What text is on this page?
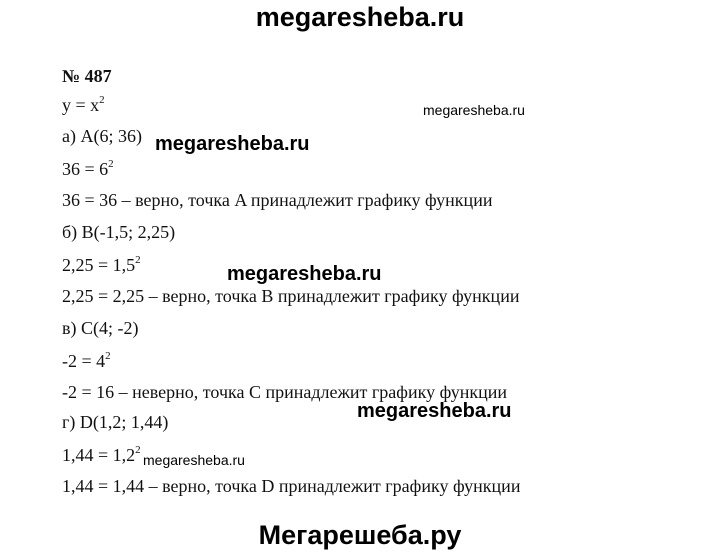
megaresheba.ru
№ 487
$y = x^2$
а) A(6; 36)
$36 = 6^2$
36 = 36 – верно, точка A принадлежит графику функции
б) B(-1,5; 2,25)
$2,25 = 1,5^2$
2,25 = 2,25 – верно, точка B принадлежит графику функции
в) C(4; -2)
$-2 = 4^2$
-2 = 16 – неверно, точка C принадлежит графику функции
г) D(1,2; 1,44)
$1,44 = 1,2^2$
1,44 = 1,44 – верно, точка D принадлежит графику функции
megaresheba.ru
megaresheba.ru
megaresheba.ru
megaresheba.ru
megaresheba.ru
Мегарешеба.ру
